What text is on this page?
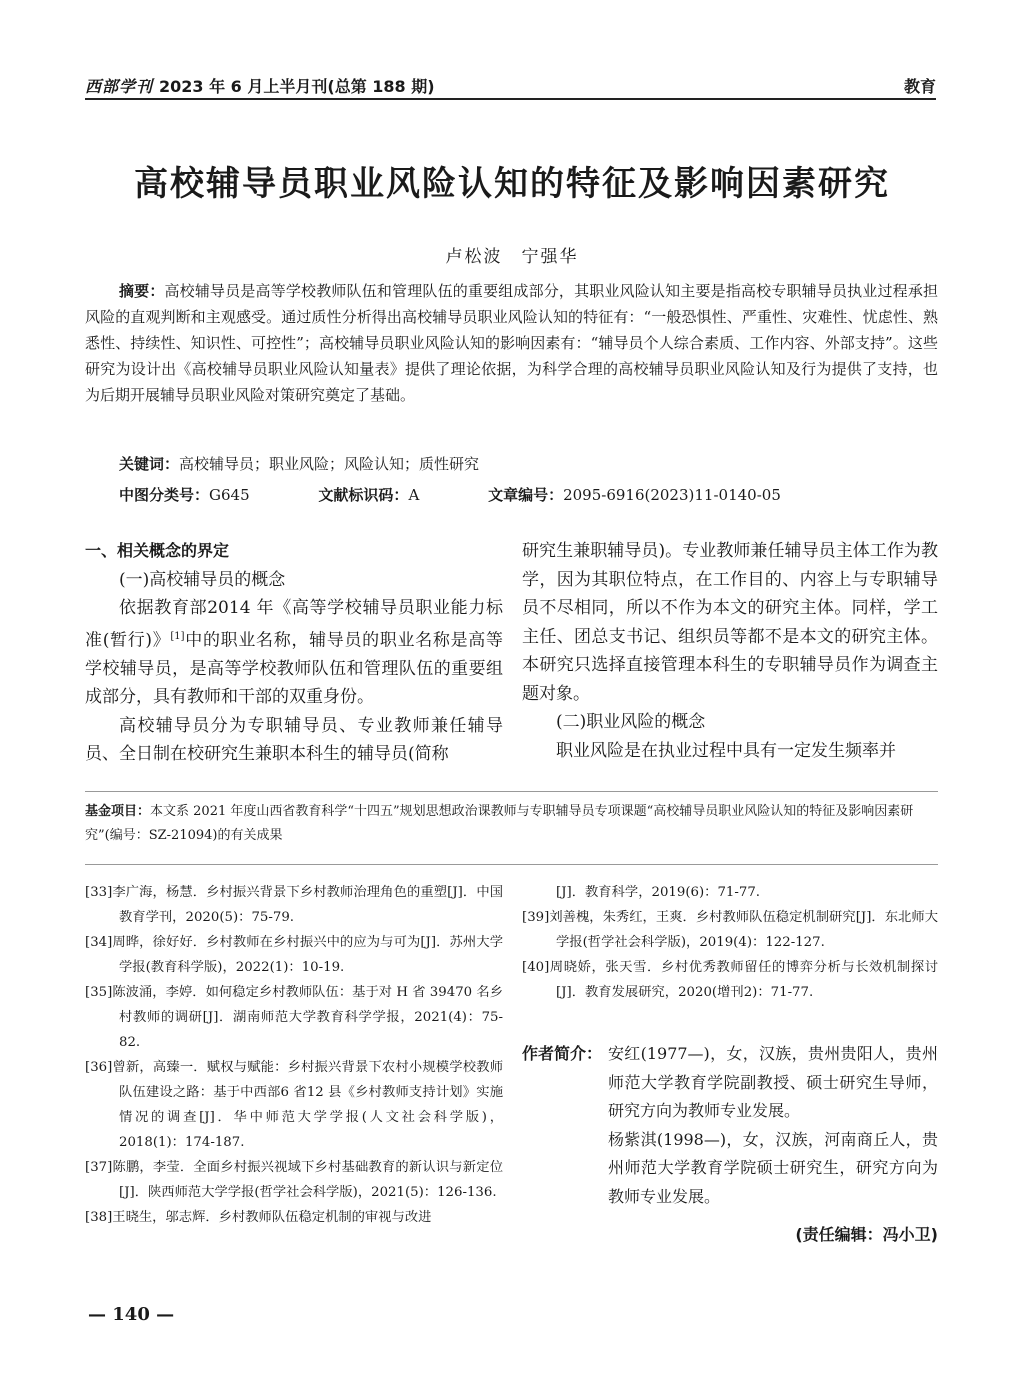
西部学刊 2023 年 6 月上半月刊(总第 188 期)	教育
高校辅导员职业风险认知的特征及影响因素研究
卢松波　宁强华
摘要：高校辅导员是高等学校教师队伍和管理队伍的重要组成部分，其职业风险认知主要是指高校专职辅导员执业过程承担风险的直观判断和主观感受。通过质性分析得出高校辅导员职业风险认知的特征有：“一般恐惧性、严重性、灾难性、忧虑性、熟悉性、持续性、知识性、可控性”；高校辅导员职业风险认知的影响因素有：“辅导员个人综合素质、工作内容、外部支持”。这些研究为设计出《高校辅导员职业风险认知量表》提供了理论依据，为科学合理的高校辅导员职业风险认知及行为提供了支持，也为后期开展辅导员职业风险对策研究奠定了基础。
关键词：高校辅导员；职业风险；风险认知；质性研究
中图分类号：G645	文献标识码：A	文章编号：2095-6916(2023)11-0140-05

一、相关概念的界定

(一)高校辅导员的概念

依据教育部2014 年《高等学校辅导员职业能力标准(暂行)》[1]中的职业名称，辅导员的职业名称是高等学校辅导员，是高等学校教师队伍和管理队伍的重要组成部分，具有教师和干部的双重身份。

高校辅导员分为专职辅导员、专业教师兼任辅导员、全日制在校研究生兼职本科生的辅导员(简称

研究生兼职辅导员)。专业教师兼任辅导员主体工作为教学，因为其职位特点，在工作目的、内容上与专职辅导员不尽相同，所以不作为本文的研究主体。同样，学工主任、团总支书记、组织员等都不是本文的研究主体。本研究只选择直接管理本科生的专职辅导员作为调查主题对象。

(二)职业风险的概念

职业风险是在执业过程中具有一定发生频率并

基金项目：本文系 2021 年度山西省教育科学“十四五”规划思想政治课教师与专职辅导员专项课题“高校辅导员职业风险认知的特征及影响因素研究”(编号：SZ-21094)的有关成果

[33]李广海，杨慧．乡村振兴背景下乡村教师治理角色的重塑[J]．中国教育学刊，2020(5)：75-79.

[34]周晔，徐好好．乡村教师在乡村振兴中的应为与可为[J]．苏州大学学报(教育科学版)，2022(1)：10-19.

[35]陈波涌，李婷．如何稳定乡村教师队伍：基于对 H 省 39470 名乡村教师的调研[J]．湖南师范大学教育科学学报，2021(4)：75-82.

[36]曾新，高臻一．赋权与赋能：乡村振兴背景下农村小规模学校教师队伍建设之路：基于中西部6 省12 县《乡村教师支持计划》实施情况的调查[J]．华中师范大学学报(人文社会科学版)，2018(1)：174-187.

[37]陈鹏，李莹．全面乡村振兴视域下乡村基础教育的新认识与新定位[J]．陕西师范大学学报(哲学社会科学版)，2021(5)：126-136.

[38]王晓生，邬志辉．乡村教师队伍稳定机制的审视与改进

[J]．教育科学，2019(6)：71-77.

[39]刘善槐，朱秀红，王爽．乡村教师队伍稳定机制研究[J]．东北师大学报(哲学社会科学版)，2019(4)：122-127.

[40]周晓娇，张天雪．乡村优秀教师留任的博弈分析与长效机制探讨[J]．教育发展研究，2020(增刊2)：71-77.

作者简介： 安红(1977—)，女，汉族，贵州贵阳人，贵州师范大学教育学院副教授、硕士研究生导师，研究方向为教师专业发展。

杨紫淇(1998—)，女，汉族，河南商丘人，贵州师范大学教育学院硕士研究生，研究方向为教师专业发展。

(责任编辑：冯小卫)
— 140 —
